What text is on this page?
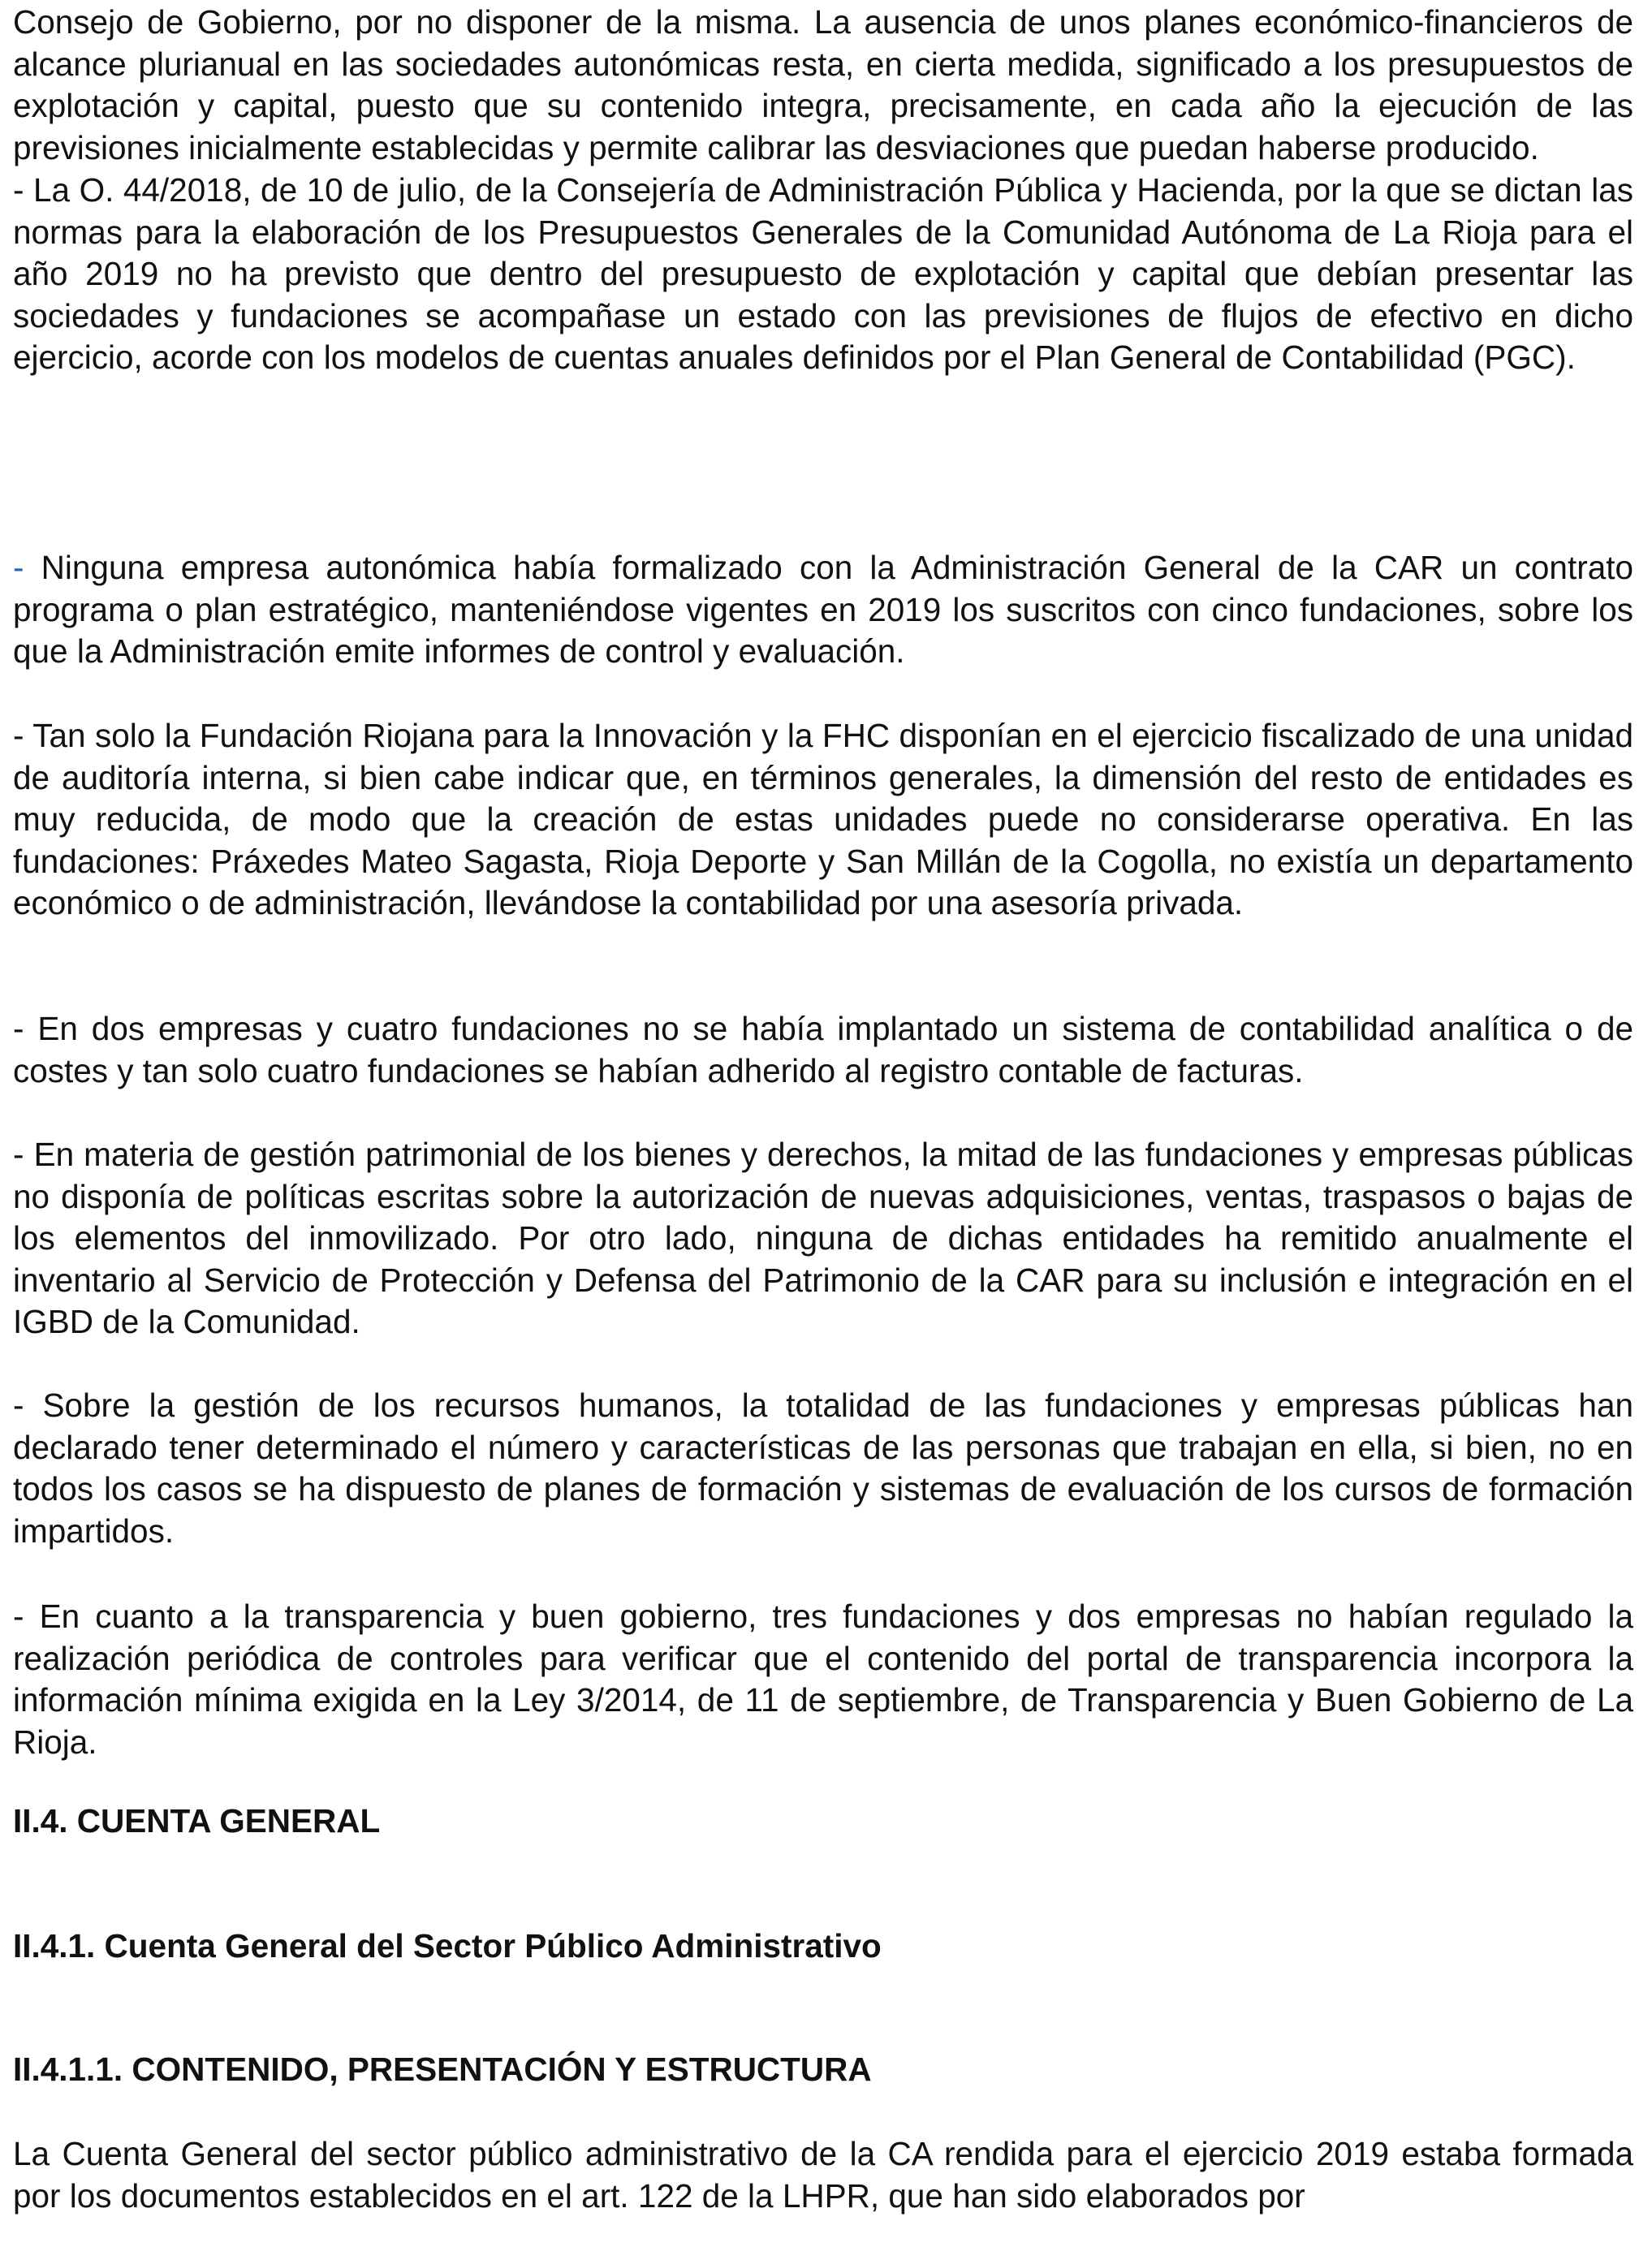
Consejo de Gobierno, por no disponer de la misma. La ausencia de unos planes económico-financieros de alcance plurianual en las sociedades autonómicas resta, en cierta medida, significado a los presupuestos de explotación y capital, puesto que su contenido integra, precisamente, en cada año la ejecución de las previsiones inicialmente establecidas y permite calibrar las desviaciones que puedan haberse producido.

- La O. 44/2018, de 10 de julio, de la Consejería de Administración Pública y Hacienda, por la que se dictan las normas para la elaboración de los Presupuestos Generales de la Comunidad Autónoma de La Rioja para el año 2019 no ha previsto que dentro del presupuesto de explotación y capital que debían presentar las sociedades y fundaciones se acompañase un estado con las previsiones de flujos de efectivo en dicho ejercicio, acorde con los modelos de cuentas anuales definidos por el Plan General de Contabilidad (PGC).

- Ninguna empresa autonómica había formalizado con la Administración General de la CAR un contrato programa o plan estratégico, manteniéndose vigentes en 2019 los suscritos con cinco fundaciones, sobre los que la Administración emite informes de control y evaluación.

- Tan solo la Fundación Riojana para la Innovación y la FHC disponían en el ejercicio fiscalizado de una unidad de auditoría interna, si bien cabe indicar que, en términos generales, la dimensión del resto de entidades es muy reducida, de modo que la creación de estas unidades puede no considerarse operativa. En las fundaciones: Práxedes Mateo Sagasta, Rioja Deporte y San Millán de la Cogolla, no existía un departamento económico o de administración, llevándose la contabilidad por una asesoría privada.

- En dos empresas y cuatro fundaciones no se había implantado un sistema de contabilidad analítica o de costes y tan solo cuatro fundaciones se habían adherido al registro contable de facturas.

- En materia de gestión patrimonial de los bienes y derechos, la mitad de las fundaciones y empresas públicas no disponía de políticas escritas sobre la autorización de nuevas adquisiciones, ventas, traspasos o bajas de los elementos del inmovilizado. Por otro lado, ninguna de dichas entidades ha remitido anualmente el inventario al Servicio de Protección y Defensa del Patrimonio de la CAR para su inclusión e integración en el IGBD de la Comunidad.

- Sobre la gestión de los recursos humanos, la totalidad de las fundaciones y empresas públicas han declarado tener determinado el número y características de las personas que trabajan en ella, si bien, no en todos los casos se ha dispuesto de planes de formación y sistemas de evaluación de los cursos de formación impartidos.

- En cuanto a la transparencia y buen gobierno, tres fundaciones y dos empresas no habían regulado la realización periódica de controles para verificar que el contenido del portal de transparencia incorpora la información mínima exigida en la Ley 3/2014, de 11 de septiembre, de Transparencia y Buen Gobierno de La Rioja.

II.4. CUENTA GENERAL
II.4.1. Cuenta General del Sector Público Administrativo
II.4.1.1. CONTENIDO, PRESENTACIÓN Y ESTRUCTURA

La Cuenta General del sector público administrativo de la CA rendida para el ejercicio 2019 estaba formada por los documentos establecidos en el art. 122 de la LHPR, que han sido elaborados por
